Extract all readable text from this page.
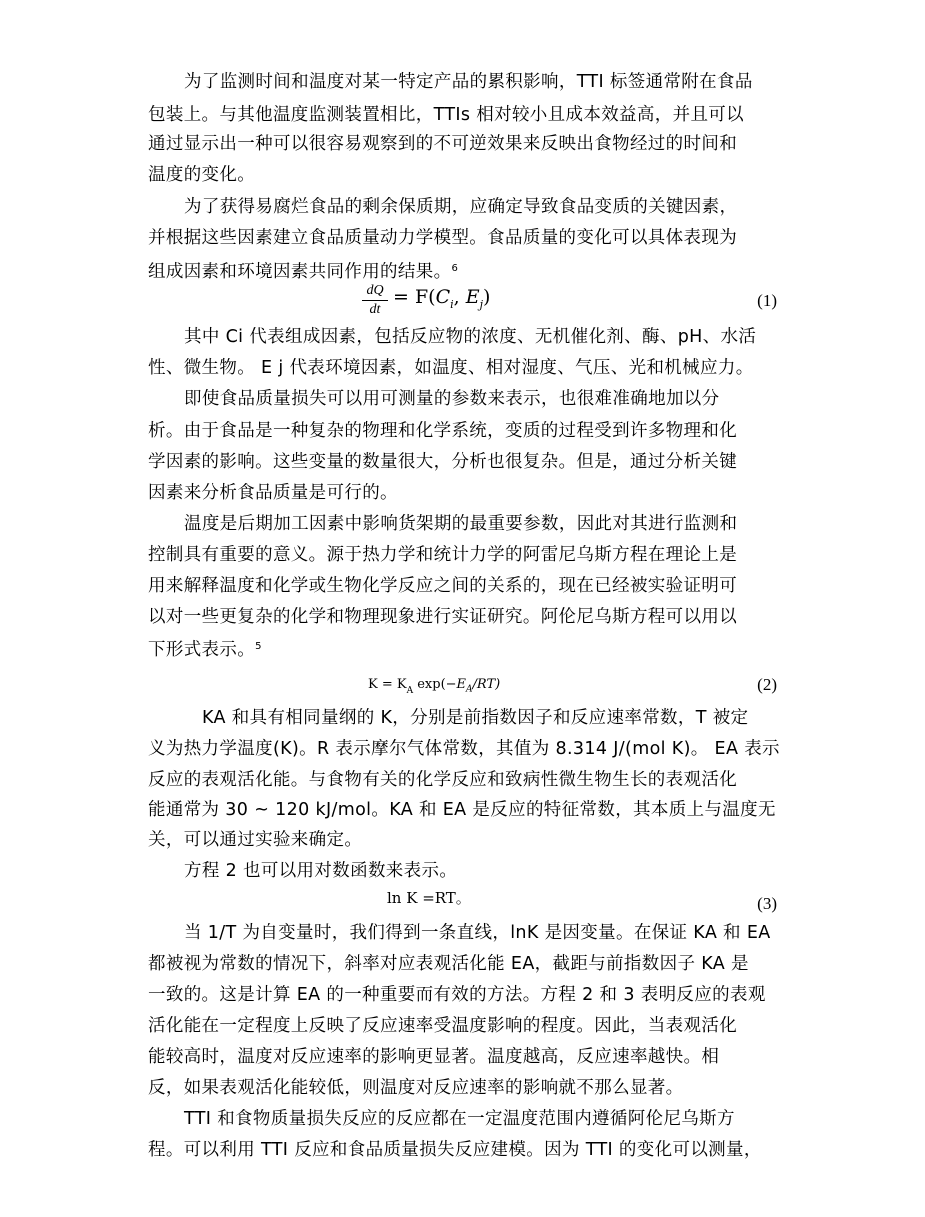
为了监测时间和温度对某一特定产品的累积影响，TTI 标签通常附在食品
包装上。与其他温度监测装置相比，TTIs 相对较小且成本效益高，并且可以
通过显示出一种可以很容易观察到的不可逆效果来反映出食物经过的时间和
温度的变化。
为了获得易腐烂食品的剩余保质期，应确定导致食品变质的关键因素，
并根据这些因素建立食品质量动力学模型。食品质量的变化可以具体表现为
组成因素和环境因素共同作用的结果。$^6$
dQ
dt
= $F(C_i$, $E_j$)	(1)
其中 Ci 代表组成因素，包括反应物的浓度、无机催化剂、酶、pH、水活
性、微生物。 E j 代表环境因素，如温度、相对湿度、气压、光和机械应力。
即使食品质量损失可以用可测量的参数来表示，也很难准确地加以分
析。由于食品是一种复杂的物理和化学系统，变质的过程受到许多物理和化
学因素的影响。这些变量的数量很大，分析也很复杂。但是，通过分析关键
因素来分析食品质量是可行的。
温度是后期加工因素中影响货架期的最重要参数，因此对其进行监测和
控制具有重要的意义。源于热力学和统计力学的阿雷尼乌斯方程在理论上是
用来解释温度和化学或生物化学反应之间的关系的，现在已经被实验证明可
以对一些更复杂的化学和物理现象进行实证研究。阿伦尼乌斯方程可以用以
下形式表示。$^5$
$K = K_A$ $\exp(-E_A/RT)$	(2)
KA 和具有相同量纲的 K，分别是前指数因子和反应速率常数，T 被定
义为热力学温度(K)。R 表示摩尔气体常数，其值为 8.314 J/(mol K)。 EA 表示
反应的表观活化能。与食物有关的化学反应和致病性微生物生长的表观活化
能通常为 30 ~ 120 kJ/mol。KA 和 EA 是反应的特征常数，其本质上与温度无
关，可以通过实验来确定。
方程 2 也可以用对数函数来表示。
ln K =RT。	(3)
当 1/T 为自变量时，我们得到一条直线，lnK 是因变量。在保证 KA 和 EA
都被视为常数的情况下，斜率对应表观活化能 EA，截距与前指数因子 KA 是
一致的。这是计算 EA 的一种重要而有效的方法。方程 2 和 3 表明反应的表观
活化能在一定程度上反映了反应速率受温度影响的程度。因此，当表观活化
能较高时，温度对反应速率的影响更显著。温度越高，反应速率越快。相
反，如果表观活化能较低，则温度对反应速率的影响就不那么显著。
TTI 和食物质量损失反应的反应都在一定温度范围内遵循阿伦尼乌斯方
程。可以利用 TTI 反应和食品质量损失反应建模。因为 TTI 的变化可以测量，
